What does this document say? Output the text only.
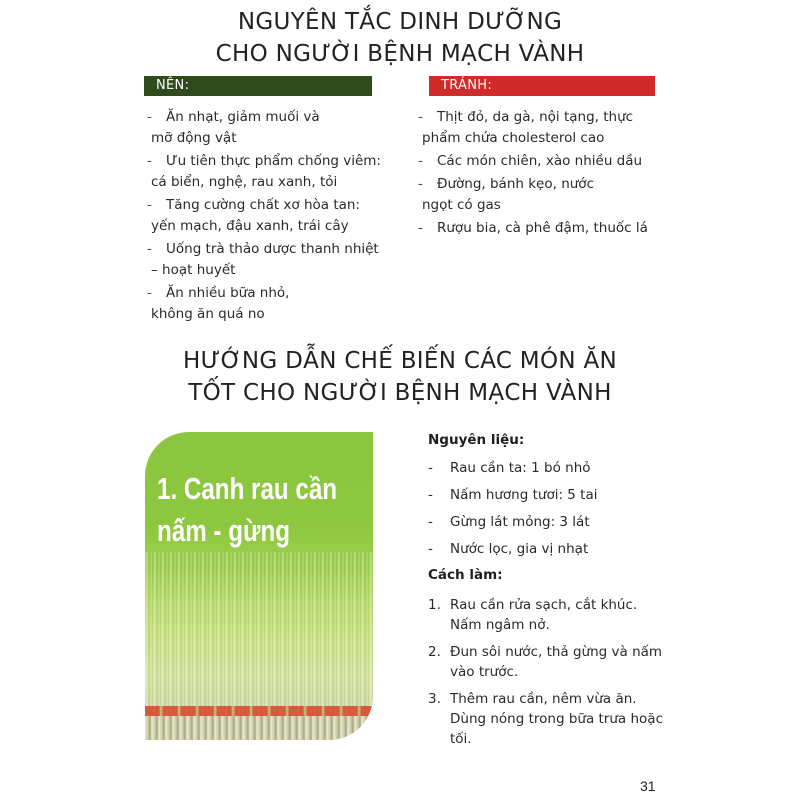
NGUYÊN TẮC DINH DƯỠNG
CHO NGƯỜI BỆNH MẠCH VÀNH
NÊN:	TRÁNH:
- Ăn nhạt, giảm muối và
mỡ động vật
- Ưu tiên thực phẩm chống viêm:
cá biển, nghệ, rau xanh, tỏi
- Tăng cường chất xơ hòa tan:
yến mạch, đậu xanh, trái cây
- Uống trà thảo dược thanh nhiệt
– hoạt huyết
- Ăn nhiều bữa nhỏ,
không ăn quá no
- Thịt đỏ, da gà, nội tạng, thực
phẩm chứa cholesterol cao
- Các món chiên, xào nhiều dầu
- Đường, bánh kẹo, nước
ngọt có gas
- Rượu bia, cà phê đậm, thuốc lá
HƯỚNG DẪN CHẾ BIẾN CÁC MÓN ĂN
TỐT CHO NGƯỜI BỆNH MẠCH VÀNH
1. Canh rau cần
nấm - gừng
Nguyên liệu:
- Rau cần ta: 1 bó nhỏ
- Nấm hương tươi: 5 tai
- Gừng lát mỏng: 3 lát
- Nước lọc, gia vị nhạt
Cách làm:
1. Rau cần rửa sạch, cắt khúc. Nấm ngâm nở.
2. Đun sôi nước, thả gừng và nấm vào trước.
3. Thêm rau cần, nêm vừa ăn. Dùng nóng trong bữa trưa hoặc tối.
31
